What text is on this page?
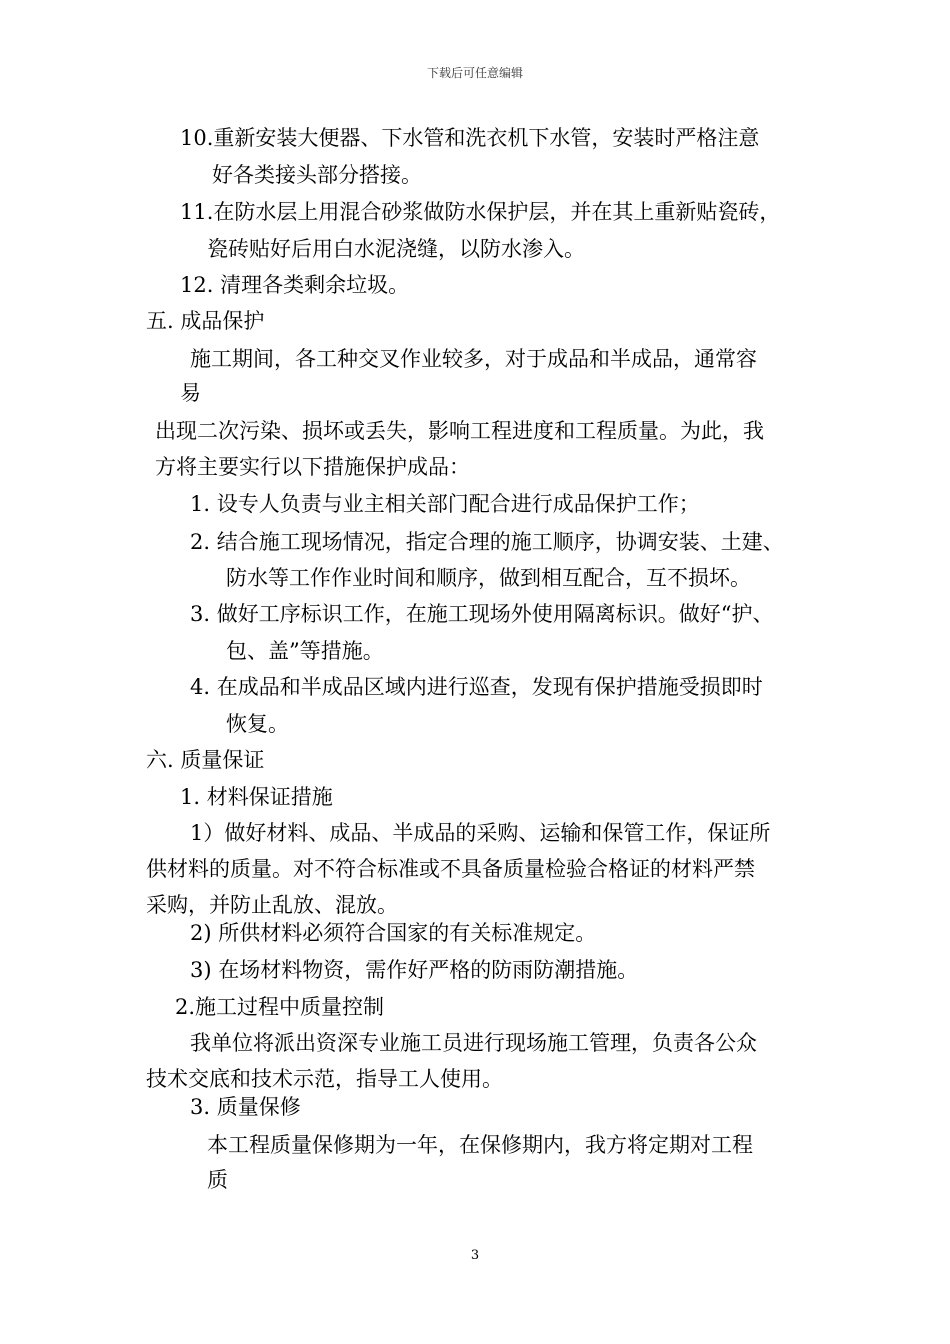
下载后可任意编辑
10.重新安装大便器、下水管和洗衣机下水管，安装时严格注意
好各类接头部分搭接。
11.在防水层上用混合砂浆做防水保护层，并在其上重新贴瓷砖，
瓷砖贴好后用白水泥浇缝，以防水渗入。
12. 清理各类剩余垃圾。
五. 成品保护
施工期间，各工种交叉作业较多，对于成品和半成品，通常容
易
出现二次污染、损坏或丢失，影响工程进度和工程质量。为此，我
方将主要实行以下措施保护成品：
1. 设专人负责与业主相关部门配合进行成品保护工作；
2. 结合施工现场情况，指定合理的施工顺序，协调安装、土建、
防水等工作作业时间和顺序，做到相互配合，互不损坏。
3. 做好工序标识工作，在施工现场外使用隔离标识。做好“护、
包、盖”等措施。
4. 在成品和半成品区域内进行巡查，发现有保护措施受损即时
恢复。
六. 质量保证
1. 材料保证措施
1）做好材料、成品、半成品的采购、运输和保管工作，保证所
供材料的质量。对不符合标准或不具备质量检验合格证的材料严禁
采购，并防止乱放、混放。
2) 所供材料必须符合国家的有关标准规定。
3) 在场材料物资，需作好严格的防雨防潮措施。
2.施工过程中质量控制
我单位将派出资深专业施工员进行现场施工管理，负责各公众
技术交底和技术示范，指导工人使用。
3. 质量保修
本工程质量保修期为一年，在保修期内，我方将定期对工程
质
3
